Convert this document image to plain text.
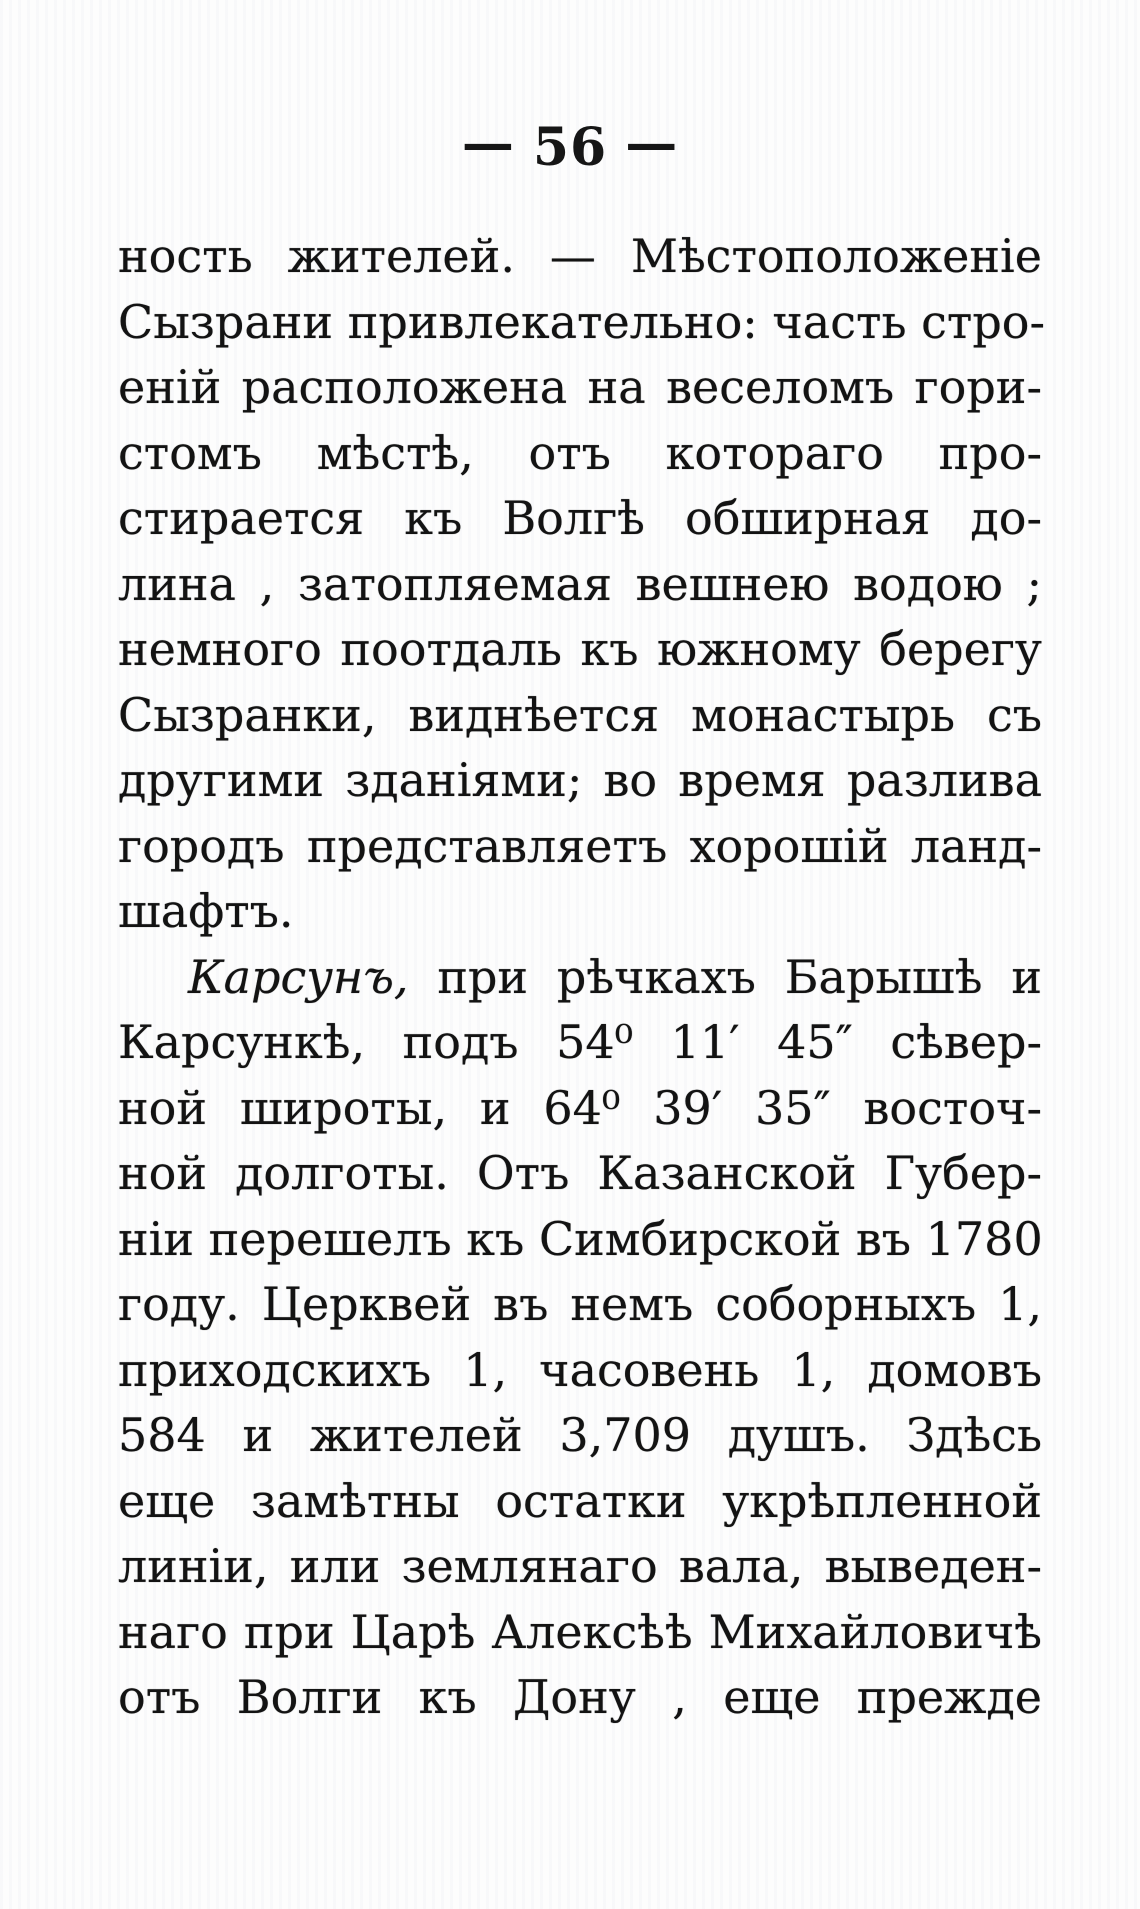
— 56 —
ность жителей. — Мѣстоположеніе
Сызрани привлекательно: часть стро-
еній расположена на веселомъ гори-
стомъ мѣстѣ, отъ котораго про-
стирается къ Волгѣ обширная до-
лина , затопляемая вешнею водою ;
немного поотдаль къ южному берегу
Сызранки, виднѣется монастырь съ
другими зданіями; во время разлива
городъ представляетъ хорошій ланд-
шафтъ.
Карсунъ, при рѣчкахъ Барышѣ и
Карсункѣ, подъ 54⁰ 11′ 45″ сѣвер-
ной широты, и 64⁰ 39′ 35″ восточ-
ной долготы. Отъ Казанской Губер-
ніи перешелъ къ Симбирской въ 1780
году. Церквей въ немъ соборныхъ 1,
приходскихъ 1, часовень 1, домовъ
584 и жителей 3,709 душъ. Здѣсь
еще замѣтны остатки укрѣпленной
линіи, или землянаго вала, выведен-
наго при Царѣ Алексѣѣ Михайловичѣ
отъ Волги къ Дону , еще прежде
